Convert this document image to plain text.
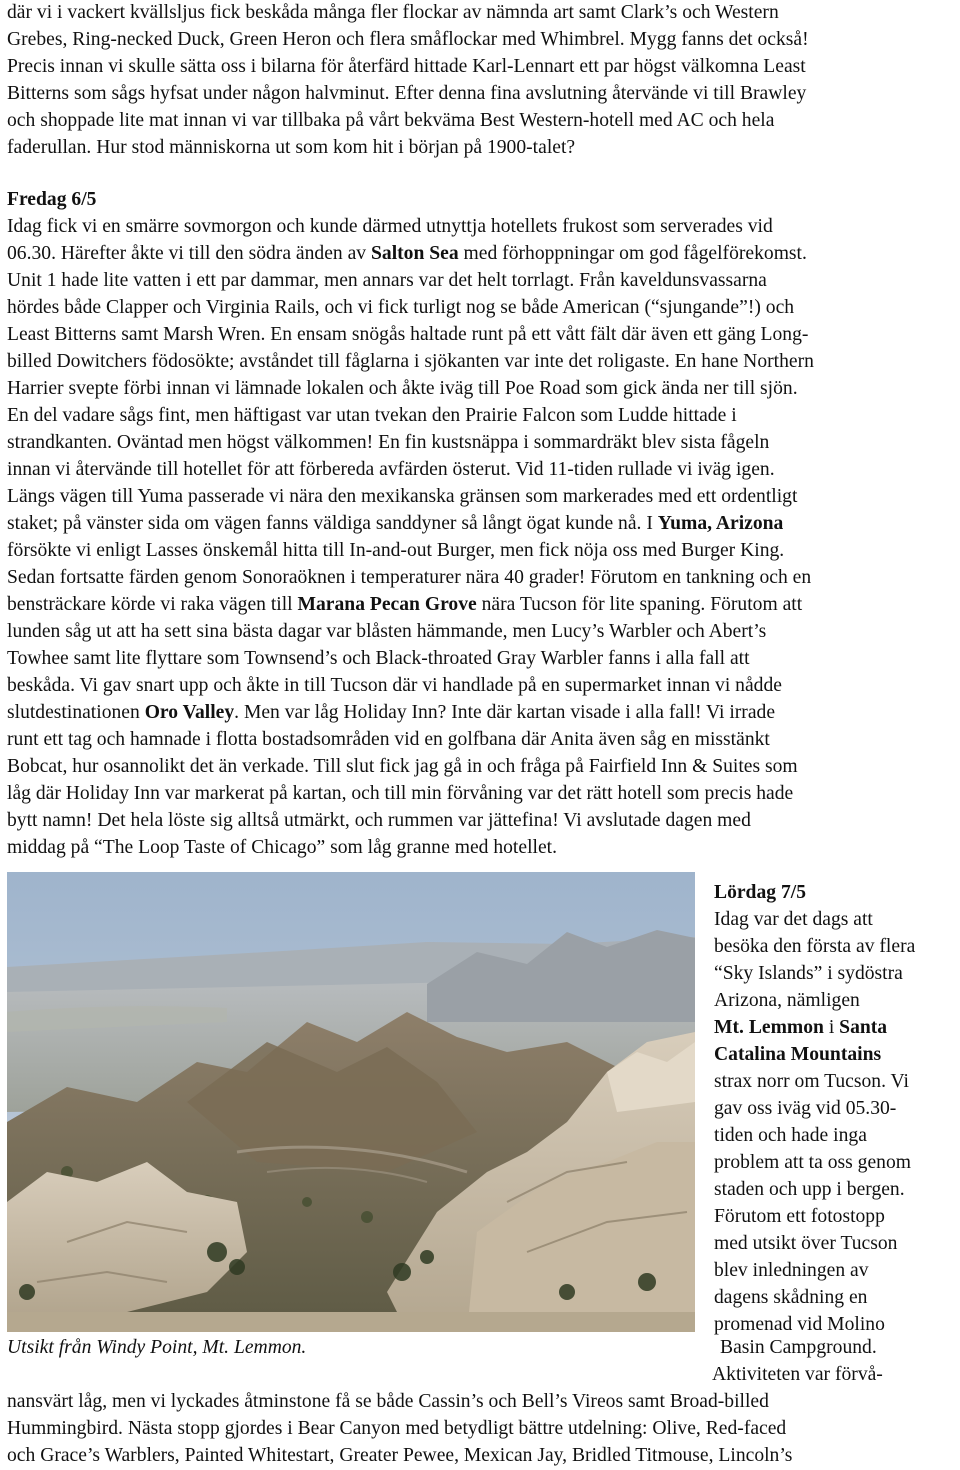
där vi i vackert kvällsljus fick beskåda många fler flockar av nämnda art samt Clark’s och Western
Grebes, Ring-necked Duck, Green Heron och flera småflockar med Whimbrel. Mygg fanns det också!
Precis innan vi skulle sätta oss i bilarna för återfärd hittade Karl-Lennart ett par högst välkomna Least
Bitterns som sågs hyfsat under någon halvminut. Efter denna fina avslutning återvände vi till Brawley
och shoppade lite mat innan vi var tillbaka på vårt bekväma Best Western-hotell med AC och hela
faderullan. Hur stod människorna ut som kom hit i början på 1900-talet?
Fredag 6/5
Idag fick vi en smärre sovmorgon och kunde därmed utnyttja hotellets frukost som serverades vid
06.30. Härefter åkte vi till den södra änden av Salton Sea med förhoppningar om god fågelförekomst.
Unit 1 hade lite vatten i ett par dammar, men annars var det helt torrlagt. Från kaveldunsvassarna
hördes både Clapper och Virginia Rails, och vi fick turligt nog se både American (“sjungande”!) och
Least Bitterns samt Marsh Wren. En ensam snögås haltade runt på ett vått fält där även ett gäng Long-
billed Dowitchers födosökte; avståndet till fåglarna i sjökanten var inte det roligaste. En hane Northern
Harrier svepte förbi innan vi lämnade lokalen och åkte iväg till Poe Road som gick ända ner till sjön.
En del vadare sågs fint, men häftigast var utan tvekan den Prairie Falcon som Ludde hittade i
strandkanten. Oväntad men högst välkommen! En fin kustsnäppa i sommardräkt blev sista fågeln
innan vi återvände till hotellet för att förbereda avfärden österut. Vid 11-tiden rullade vi iväg igen.
Längs vägen till Yuma passerade vi nära den mexikanska gränsen som markerades med ett ordentligt
staket; på vänster sida om vägen fanns väldiga sanddyner så långt ögat kunde nå. I Yuma, Arizona
försökte vi enligt Lasses önskemål hitta till In-and-out Burger, men fick nöja oss med Burger King.
Sedan fortsatte färden genom Sonoraöknen i temperaturer nära 40 grader! Förutom en tankning och en
bensträckare körde vi raka vägen till Marana Pecan Grove nära Tucson för lite spaning. Förutom att
lunden såg ut att ha sett sina bästa dagar var blåsten hämmande, men Lucy’s Warbler och Abert’s
Towhee samt lite flyttare som Townsend’s och Black-throated Gray Warbler fanns i alla fall att
beskåda. Vi gav snart upp och åkte in till Tucson där vi handlade på en supermarket innan vi nådde
slutdestinationen Oro Valley. Men var låg Holiday Inn? Inte där kartan visade i alla fall! Vi irrade
runt ett tag och hamnade i flotta bostadsområden vid en golfbana där Anita även såg en misstänkt
Bobcat, hur osannolikt det än verkade. Till slut fick jag gå in och fråga på Fairfield Inn & Suites som
låg där Holiday Inn var markerat på kartan, och till min förvåning var det rätt hotell som precis hade
bytt namn! Det hela löste sig alltså utmärkt, och rummen var jättefina! Vi avslutade dagen med
middag på “The Loop Taste of Chicago” som låg granne med hotellet.
Utsikt från Windy Point, Mt. Lemmon.
Lördag 7/5
Idag var det dags att
besöka den första av flera
“Sky Islands” i sydöstra
Arizona, nämligen
Mt. Lemmon i Santa
Catalina Mountains
strax norr om Tucson. Vi
gav oss iväg vid 05.30-
tiden och hade inga
problem att ta oss genom
staden och upp i bergen.
Förutom ett fotostopp
med utsikt över Tucson
blev inledningen av
dagens skådning en
promenad vid Molino
Basin Campground.
Aktiviteten var förvå-
nansvärt låg, men vi lyckades åtminstone få se både Cassin’s och Bell’s Vireos samt Broad-billed
Hummingbird. Nästa stopp gjordes i Bear Canyon med betydligt bättre utdelning: Olive, Red-faced
och Grace’s Warblers, Painted Whitestart, Greater Pewee, Mexican Jay, Bridled Titmouse, Lincoln’s
